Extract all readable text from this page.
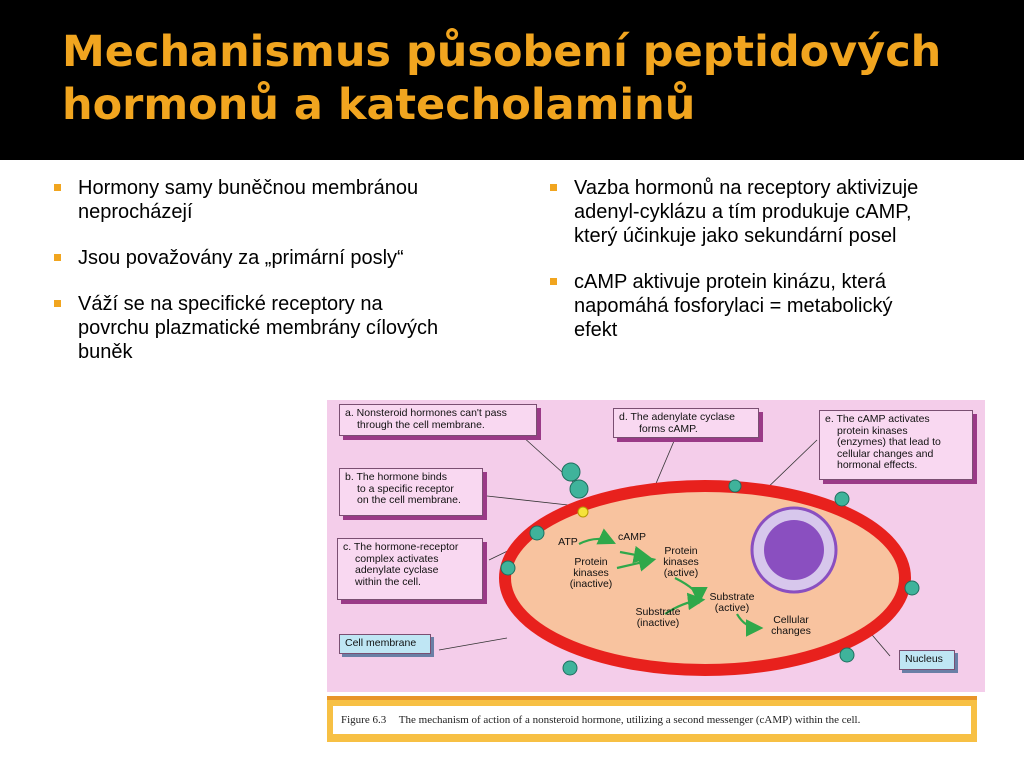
Mechanismus působení peptidových
hormonů a katecholaminů
Hormony samy buněčnou membránou neprocházejí
Jsou považovány za „primární posly“
Váží se na specifické receptory na povrchu plazmatické membrány cílových buněk
Vazba hormonů na receptory aktivizuje adenyl-cyklázu a tím produkuje cAMP, který účinkuje jako sekundární posel
cAMP aktivuje protein kinázu, která napomáhá fosforylaci = metabolický efekt
ATP	cAMP
Protein
kinases
(inactive)
Protein
kinases
(active)
Substrate
(inactive)
Substrate
(active)
Cellular
changes
a. Nonsteroid hormones can't pass
through the cell membrane.
b. The hormone binds
to a specific receptor
on the cell membrane.
c. The hormone-receptor
complex activates
adenylate cyclase
within the cell.
d. The adenylate cyclase
forms cAMP.
e. The cAMP activates
protein kinases
(enzymes) that lead to
cellular changes and
hormonal effects.
Cell membrane
Nucleus
Figure 6.3 The mechanism of action of a nonsteroid hormone, utilizing a second messenger (cAMP) within the cell.
